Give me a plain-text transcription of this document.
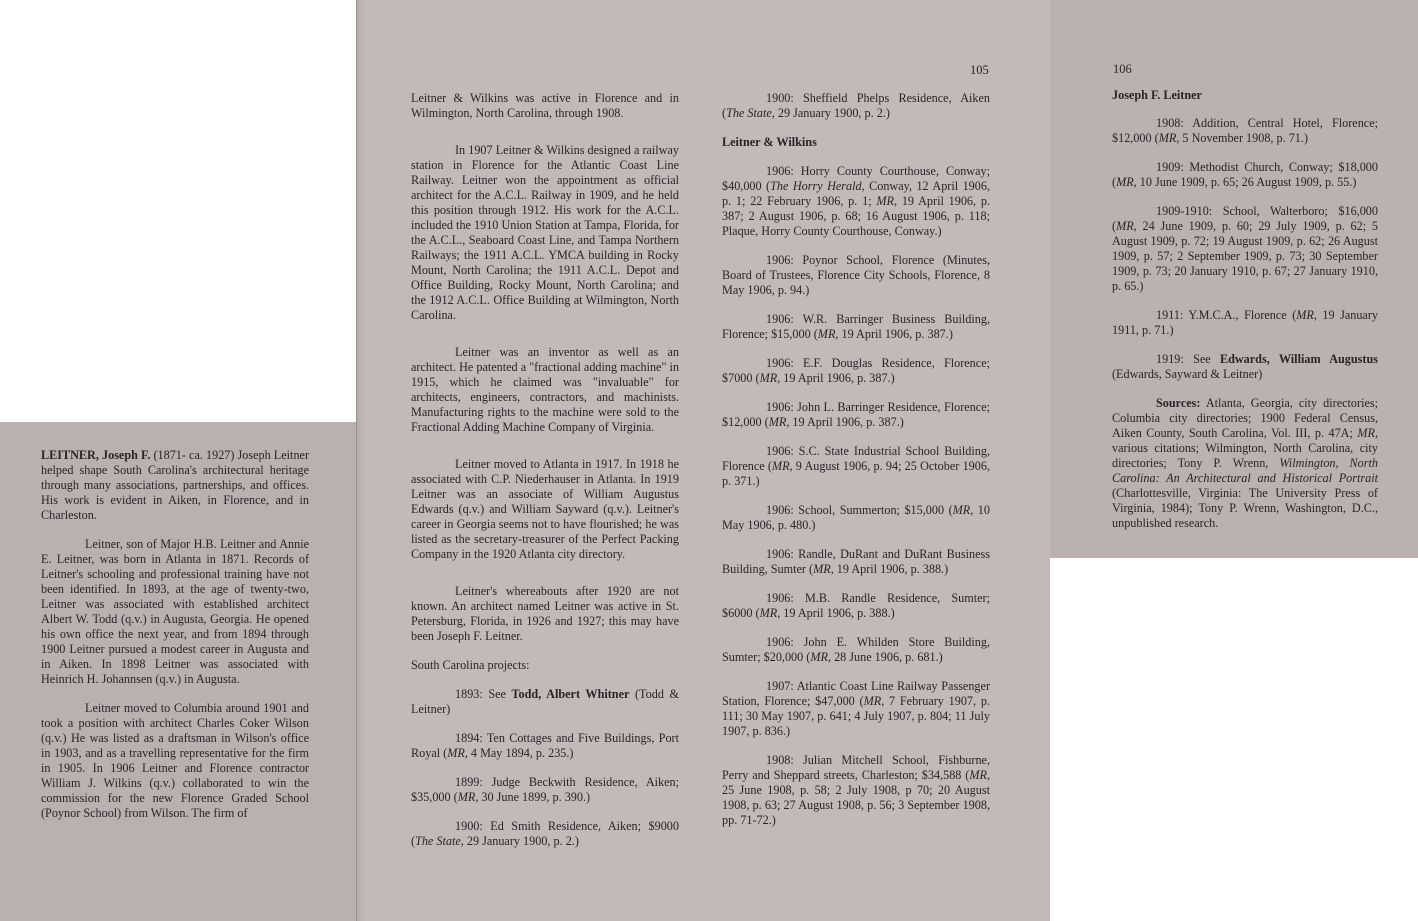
LEITNER, Joseph F. (1871- ca. 1927) Joseph Leitner helped shape South Carolina's architectural heritage through many associations, partnerships, and offices. His work is evident in Aiken, in Florence, and in Charleston.

Leitner, son of Major H.B. Leitner and Annie E. Leitner, was born in Atlanta in 1871. Records of Leitner's schooling and professional training have not been identified. In 1893, at the age of twenty-two, Leitner was associated with established architect Albert W. Todd (q.v.) in Augusta, Georgia. He opened his own office the next year, and from 1894 through 1900 Leitner pursued a modest career in Augusta and in Aiken. In 1898 Leitner was associated with Heinrich H. Johannsen (q.v.) in Augusta.

Leitner moved to Columbia around 1901 and took a position with architect Charles Coker Wilson (q.v.) He was listed as a draftsman in Wilson's office in 1903, and as a travelling representative for the firm in 1905. In 1906 Leitner and Florence contractor William J. Wilkins (q.v.) collaborated to win the commission for the new Florence Graded School (Poynor School) from Wilson. The firm of

Leitner & Wilkins was active in Florence and in Wilmington, North Carolina, through 1908.

In 1907 Leitner & Wilkins designed a railway station in Florence for the Atlantic Coast Line Railway. Leitner won the appointment as official architect for the A.C.L. Railway in 1909, and he held this position through 1912. His work for the A.C.L. included the 1910 Union Station at Tampa, Florida, for the A.C.L., Seaboard Coast Line, and Tampa Northern Railways; the 1911 A.C.L. YMCA building in Rocky Mount, North Carolina; the 1911 A.C.L. Depot and Office Building, Rocky Mount, North Carolina; and the 1912 A.C.L. Office Building at Wilmington, North Carolina.

Leitner was an inventor as well as an architect. He patented a "fractional adding machine" in 1915, which he claimed was "invaluable" for architects, engineers, contractors, and machinists. Manufacturing rights to the machine were sold to the Fractional Adding Machine Company of Virginia.

Leitner moved to Atlanta in 1917. In 1918 he associated with C.P. Niederhauser in Atlanta. In 1919 Leitner was an associate of William Augustus Edwards (q.v.) and William Sayward (q.v.). Leitner's career in Georgia seems not to have flourished; he was listed as the secretary-treasurer of the Perfect Packing Company in the 1920 Atlanta city directory.

Leitner's whereabouts after 1920 are not known. An architect named Leitner was active in St. Petersburg, Florida, in 1926 and 1927; this may have been Joseph F. Leitner.

South Carolina projects:

1893: See Todd, Albert Whitner (Todd & Leitner)

1894: Ten Cottages and Five Buildings, Port Royal (MR, 4 May 1894, p. 235.)

1899: Judge Beckwith Residence, Aiken; $35,000 (MR, 30 June 1899, p. 390.)

1900: Ed Smith Residence, Aiken; $9000 (The State, 29 January 1900, p. 2.)

1900: Sheffield Phelps Residence, Aiken (The State, 29 January 1900, p. 2.)

Leitner & Wilkins

1906: Horry County Courthouse, Conway; $40,000 (The Horry Herald, Conway, 12 April 1906, p. 1; 22 February 1906, p. 1; MR, 19 April 1906, p. 387; 2 August 1906, p. 68; 16 August 1906, p. 118; Plaque, Horry County Courthouse, Conway.)

1906: Poynor School, Florence (Minutes, Board of Trustees, Florence City Schools, Florence, 8 May 1906, p. 94.)

1906: W.R. Barringer Business Building, Florence; $15,000 (MR, 19 April 1906, p. 387.)

1906: E.F. Douglas Residence, Florence; $7000 (MR, 19 April 1906, p. 387.)

1906: John L. Barringer Residence, Florence; $12,000 (MR, 19 April 1906, p. 387.)

1906: S.C. State Industrial School Building, Florence (MR, 9 August 1906, p. 94; 25 October 1906, p. 371.)

1906: School, Summerton; $15,000 (MR, 10 May 1906, p. 480.)

1906: Randle, DuRant and DuRant Business Building, Sumter (MR, 19 April 1906, p. 388.)

1906: M.B. Randle Residence, Sumter; $6000 (MR, 19 April 1906, p. 388.)

1906: John E. Whilden Store Building, Sumter; $20,000 (MR, 28 June 1906, p. 681.)

1907: Atlantic Coast Line Railway Passenger Station, Florence; $47,000 (MR, 7 February 1907, p. 111; 30 May 1907, p. 641; 4 July 1907, p. 804; 11 July 1907, p. 836.)

1908: Julian Mitchell School, Fishburne, Perry and Sheppard streets, Charleston; $34,588 (MR, 25 June 1908, p. 58; 2 July 1908, p 70; 20 August 1908, p. 63; 27 August 1908, p. 56; 3 September 1908, pp. 71-72.)

Joseph F. Leitner

1908: Addition, Central Hotel, Florence; $12,000 (MR, 5 November 1908, p. 71.)

1909: Methodist Church, Conway; $18,000 (MR, 10 June 1909, p. 65; 26 August 1909, p. 55.)

1909-1910: School, Walterboro; $16,000 (MR, 24 June 1909, p. 60; 29 July 1909, p. 62; 5 August 1909, p. 72; 19 August 1909, p. 62; 26 August 1909, p. 57; 2 September 1909, p. 73; 30 September 1909, p. 73; 20 January 1910, p. 67; 27 January 1910, p. 65.)

1911: Y.M.C.A., Florence (MR, 19 January 1911, p. 71.)

1919: See Edwards, William Augustus (Edwards, Sayward & Leitner)

Sources: Atlanta, Georgia, city directories; Columbia city directories; 1900 Federal Census, Aiken County, South Carolina, Vol. III, p. 47A; MR, various citations; Wilmington, North Carolina, city directories; Tony P. Wrenn, Wilmington, North Carolina: An Architectural and Historical Portrait (Charlottesville, Virginia: The University Press of Virginia, 1984); Tony P. Wrenn, Washington, D.C., unpublished research.

105	106
